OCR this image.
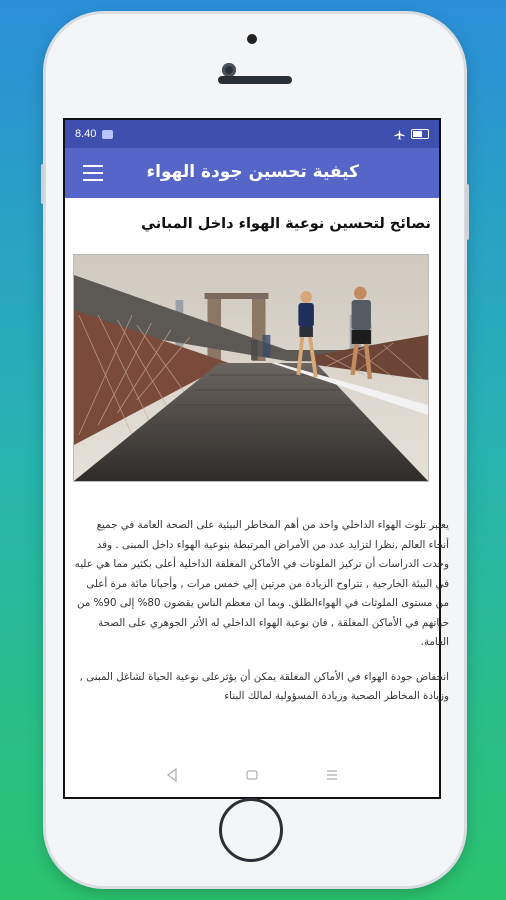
8.40
كيفية تحسين جودة الهواء
نصائح لتحسين نوعية الهواء داخل المباني

يعتبر تلوث الهواء الداخلي واحد من أهم المخاطر البيئية على الصحة العامة في جميع أنحاء العالم ,نظرا لتزايد عدد من الأمراض المرتبطة بنوعية الهواء داخل المبنى . وقد وجدت الدراسات أن تركيز الملوثات في الأماكن المغلقة الداخلية أعلى بكثير مما هي عليه في البيئة الخارجية , تتراوح الزيادة من مرتين إلي خمس مرات , وأحيانا مائة مرة أعلى من مستوى الملوثات في الهواءالطلق. وبما ان معظم الناس يقضون 80% إلى 90% من حياتهم في الأماكن المغلقة , فان نوعية الهواء الداخلي له الأثر الجوهري على الصحة العامة.

انخفاض جودة الهواء في الأماكن المغلقة يمكن أن يؤثرعلى نوعية الحياة لشاغل المبنى , وزيادة المخاطر الصحية وزيادة المسؤولية لمالك البناء
